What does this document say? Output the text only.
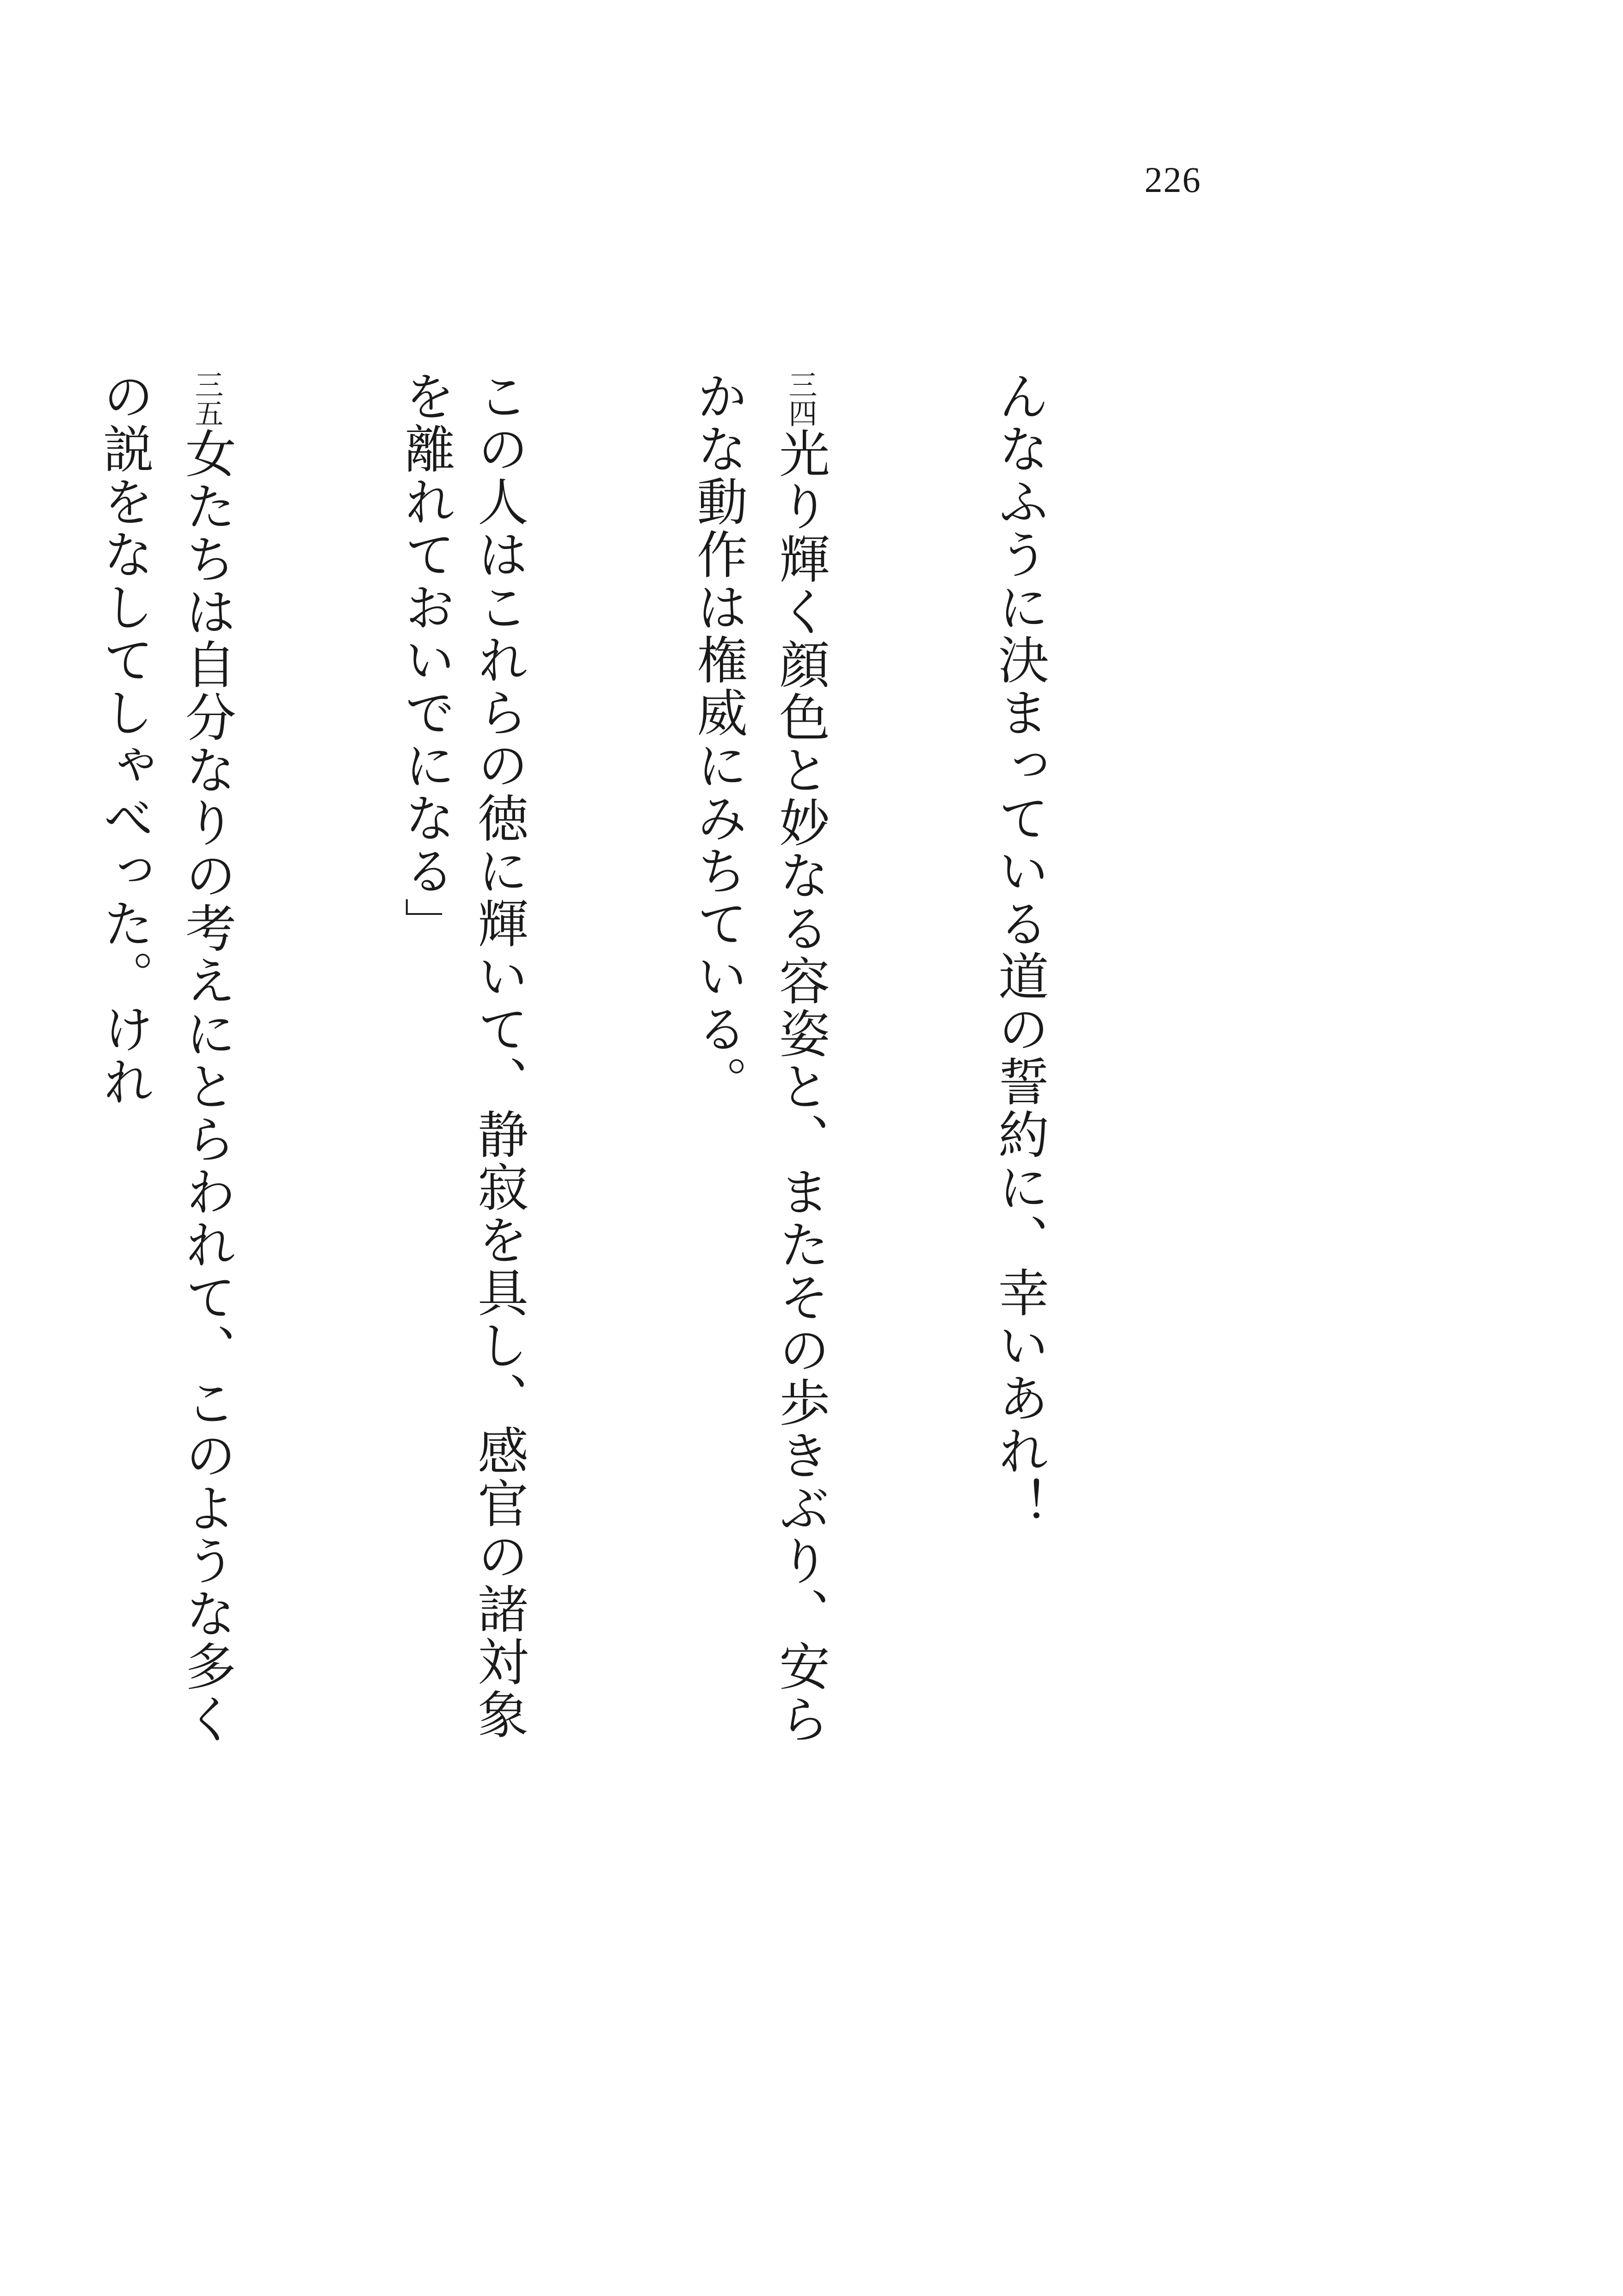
226

んなふうに決まっている道の誓約に、幸いあれ！

三四光り輝く顔色と妙なる容姿と、またその歩きぶり、安らかな動作は権威にみちている。

この人はこれらの徳に輝いて、静寂を具し、感官の諸対象を離れておいでになる」

三五女たちは自分なりの考えにとらわれて、このような多くの説をなしてしゃべった。けれ
